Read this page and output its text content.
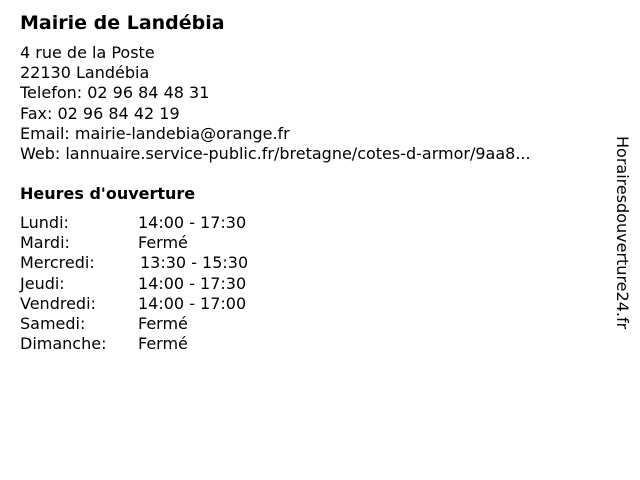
Mairie de Landébia
4 rue de la Poste
22130 Landébia
Telefon: 02 96 84 48 31
Fax: 02 96 84 42 19
Email: mairie-landebia@orange.fr
Web: lannuaire.service-public.fr/bretagne/cotes-d-armor/9aa8...
Heures d'ouverture
Lundi:	14:00 - 17:30
Mardi:	Fermé
Mercredi:	13:30 - 15:30
Jeudi:	14:00 - 17:30
Vendredi:	14:00 - 17:00
Samedi:	Fermé
Dimanche: Fermé
Horairesdouverture24.fr
